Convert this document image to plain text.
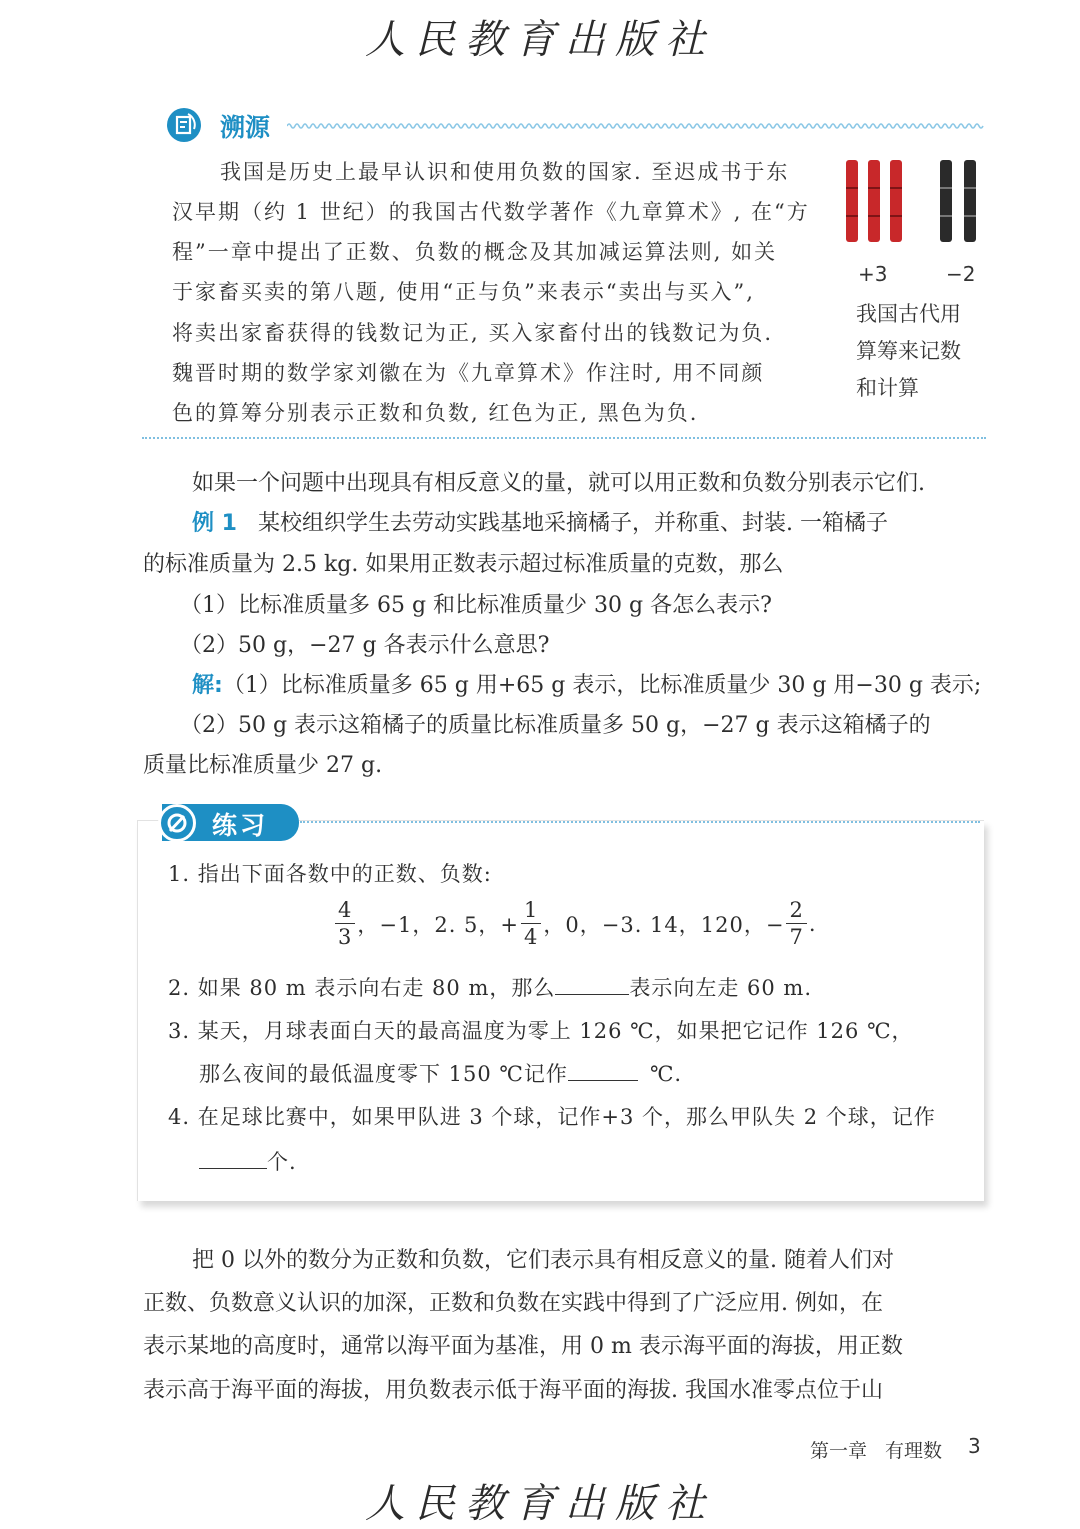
人民教育出版社
溯源
我国是历史上最早认识和使用负数的国家. 至迟成书于东
汉早期（约 1 世纪）的我国古代数学著作《九章算术》, 在“方
程”一章中提出了正数、负数的概念及其加减运算法则, 如关
于家畜买卖的第八题, 使用“正与负”来表示“卖出与买入”,
将卖出家畜获得的钱数记为正, 买入家畜付出的钱数记为负.
魏晋时期的数学家刘徽在为《九章算术》作注时, 用不同颜
色的算筹分别表示正数和负数, 红色为正, 黑色为负.
+3	−2
我国古代用
算筹来记数
和计算
如果一个问题中出现具有相反意义的量，就可以用正数和负数分别表示它们.
例 1 某校组织学生去劳动实践基地采摘橘子，并称重、封装. 一箱橘子
的标准质量为 2.5 kg. 如果用正数表示超过标准质量的克数，那么
（1）比标准质量多 65 g 和比标准质量少 30 g 各怎么表示?
（2）50 g，−27 g 各表示什么意思?
解:（1）比标准质量多 65 g 用+65 g 表示，比标准质量少 30 g 用−30 g 表示;
（2）50 g 表示这箱橘子的质量比标准质量多 50 g，−27 g 表示这箱橘子的
质量比标准质量少 27 g.
练习
1. 指出下面各数中的正数、负数:
$\frac{4}{3}$ ，−1，2. 5，+ $\frac{1}{4}$ ，0，−3. 14，120，− $\frac{2}{7}$ .
2. 如果 80 m 表示向右走 80 m，那么	表示向左走 60 m.
3. 某天，月球表面白天的最高温度为零上 126 ℃，如果把它记作 126 ℃，
那么夜间的最低温度零下 150 ℃记作	℃.
4. 在足球比赛中，如果甲队进 3 个球，记作+3 个，那么甲队失 2 个球，记作
个.
把 0 以外的数分为正数和负数，它们表示具有相反意义的量. 随着人们对
正数、负数意义认识的加深，正数和负数在实践中得到了广泛应用. 例如，在
表示某地的高度时，通常以海平面为基准，用 0 m 表示海平面的海拔，用正数
表示高于海平面的海拔，用负数表示低于海平面的海拔. 我国水准零点位于山
第一章 有理数 3
人民教育出版社
